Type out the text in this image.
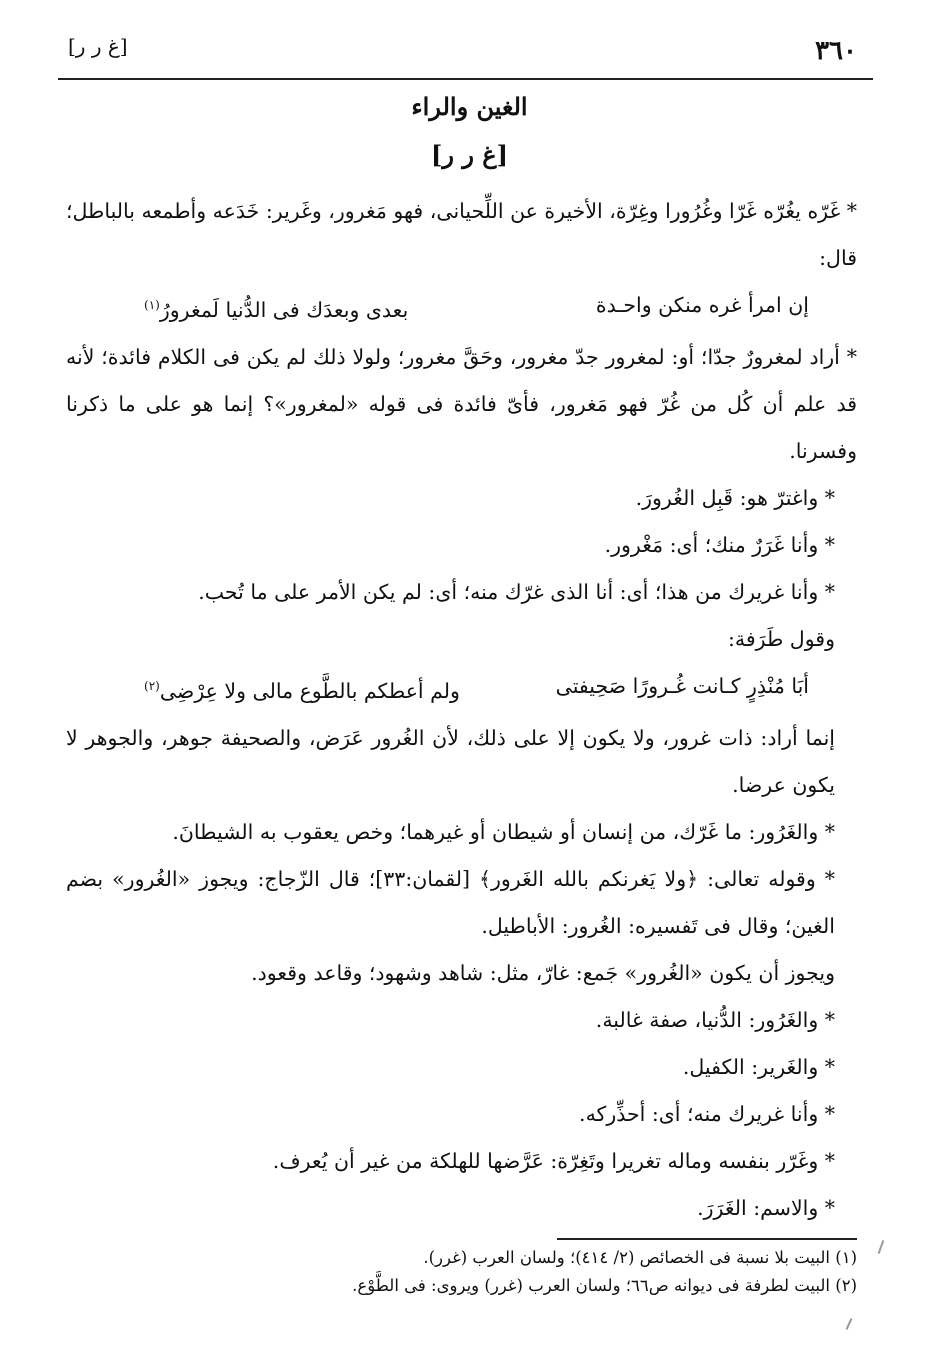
٣٦٠
[غ ر ر]
الغين والراء
[غ ر ر]

* غَرّه يغُرّه غَرّا وغُرُورا وغِرّة، الأخيرة عن اللِّحيانى، فهو مَغرور، وغَرير: خَدَعه وأطمعه بالباطل؛ قال:

إن امرأ غره منكن واحـدة
بعدى وبعدَك فى الدُّنيا لَمغرورُ$^{(١)}$

* أراد لمغرورٌ جدّا؛ أو: لمغرور جدّ مغرور، وحَقَّ مغرور؛ ولولا ذلك لم يكن فى الكلام فائدة؛ لأنه قد علم أن كُل من غُرّ فهو مَغرور، فأىّ فائدة فى قوله «لمغرور»؟ إنما هو على ما ذكرنا وفسرنا.

* واغترّ هو: قَبِل الغُرورَ.

* وأنا غَرَرٌ منك؛ أى: مَغْرور.

* وأنا غريرك من هذا؛ أى: أنا الذى غرّك منه؛ أى: لم يكن الأمر على ما تُحب.

وقول طَرَفة:

أبَا مُنْذِرٍ كـانت غُـرورًا صَحِيفتى
ولم أعطكم بالطَّوع مالى ولا عِرْضِى$^{(٢)}$

إنما أراد: ذات غرور، ولا يكون إلا على ذلك، لأن الغُرور عَرَض، والصحيفة جوهر، والجوهر لا يكون عرضا.

* والغَرُور: ما غَرّك، من إنسان أو شيطان أو غيرهما؛ وخص يعقوب به الشيطانَ.

* وقوله تعالى: ﴿ولا يَغرنكم بالله الغَرور﴾ [لقمان:٣٣]؛ قال الزّجاج: ويجوز «الغُرور» بضم الغين؛ وقال فى تَفسيره: الغُرور: الأباطيل.

ويجوز أن يكون «الغُرور» جَمع: غارّ، مثل: شاهد وشهود؛ وقاعد وقعود.

* والغَرُور: الدُّنيا، صفة غالبة.

* والغَرير: الكفيل.

* وأنا غريرك منه؛ أى: أحذِّركه.

* وغَرّر بنفسه وماله تغريرا وتَغِرّة: عَرَّضها للهلكة من غير أن يُعرف.

* والاسم: الغَرَرَ.

(١) البيت بلا نسبة فى الخصائص (٢/ ٤١٤)؛ ولسان العرب (غرر).

(٢) البيت لطرفة فى ديوانه ص٦٦؛ ولسان العرب (غرر) ويروى: فى الطَّوْع.
